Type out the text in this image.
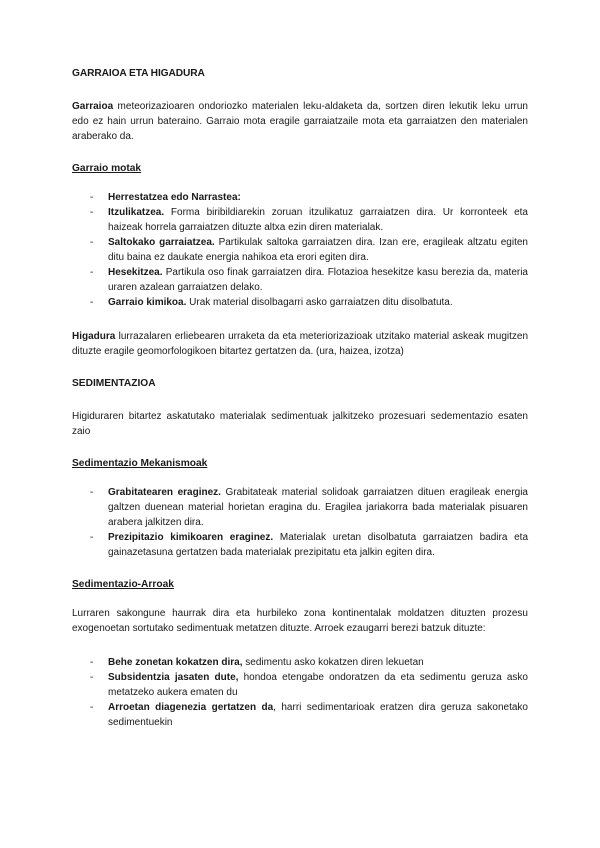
GARRAIOA ETA HIGADURA

Garraioa meteorizazioaren ondoriozko materialen leku-aldaketa da, sortzen diren lekutik leku urrun edo ez hain urrun bateraino. Garraio mota eragile garraiatzaile mota eta garraiatzen den materialen araberako da.

Garraio motak
- Herrestatzea edo Narrastea:
- Itzulikatzea. Forma biribildiarekin zoruan itzulikatuz garraiatzen dira. Ur korronteek eta haizeak horrela garraiatzen dituzte altxa ezin diren materialak.
- Saltokako garraiatzea. Partikulak saltoka garraiatzen dira. Izan ere, eragileak altzatu egiten ditu baina ez daukate energia nahikoa eta erori egiten dira.
- Hesekitzea. Partikula oso finak garraiatzen dira. Flotazioa hesekitze kasu berezia da, materia uraren azalean garraiatzen delako.
- Garraio kimikoa. Urak material disolbagarri asko garraiatzen ditu disolbatuta.

Higadura lurrazalaren erliebearen urraketa da eta meteriorizazioak utzitako material askeak mugitzen dituzte eragile geomorfologikoen bitartez gertatzen da. (ura, haizea, izotza)

SEDIMENTAZIOA

Higiduraren bitartez askatutako materialak sedimentuak jalkitzeko prozesuari sedementazio esaten zaio

Sedimentazio Mekanismoak
- Grabitatearen eraginez. Grabitateak material solidoak garraiatzen dituen eragileak energia galtzen duenean material horietan eragina du. Eragilea jariakorra bada materialak pisuaren arabera jalkitzen dira.
- Prezipitazio kimikoaren eraginez. Materialak uretan disolbatuta garraiatzen badira eta gainazetasuna gertatzen bada materialak prezipitatu eta jalkin egiten dira.
Sedimentazio-Arroak

Lurraren sakongune haurrak dira eta hurbileko zona kontinentalak moldatzen dituzten prozesu exogenoetan sortutako sedimentuak metatzen dituzte. Arroek ezaugarri berezi batzuk dituzte:

- Behe zonetan kokatzen dira, sedimentu asko kokatzen diren lekuetan
- Subsidentzia jasaten dute, hondoa etengabe ondoratzen da eta sedimentu geruza asko metatzeko aukera ematen du
- Arroetan diagenezia gertatzen da, harri sedimentarioak eratzen dira geruza sakonetako sedimentuekin
